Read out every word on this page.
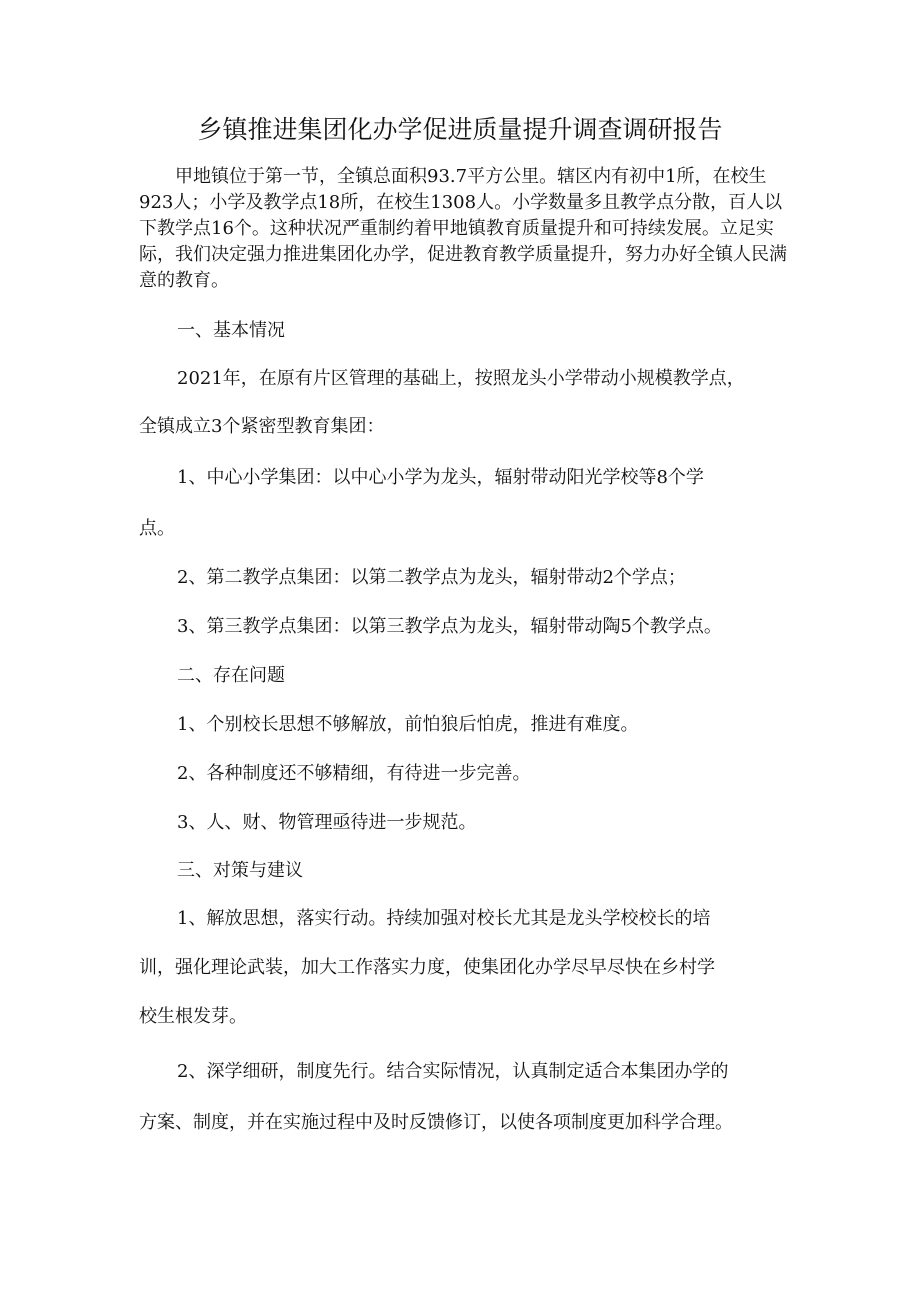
乡镇推进集团化办学促进质量提升调查调研报告

甲地镇位于第一节，全镇总面积93.7平方公里。辖区内有初中1所，在校生923人；小学及教学点18所，在校生1308人。小学数量多且教学点分散，百人以下教学点16个。这种状况严重制约着甲地镇教育质量提升和可持续发展。立足实际，我们决定强力推进集团化办学，促进教育教学质量提升，努力办好全镇人民满意的教育。

一、基本情况

2021年，在原有片区管理的基础上，按照龙头小学带动小规模教学点，

全镇成立3个紧密型教育集团：

1、中心小学集团：以中心小学为龙头，辐射带动阳光学校等8个学

点。

2、第二教学点集团：以第二教学点为龙头，辐射带动2个学点；

3、第三教学点集团：以第三教学点为龙头，辐射带动陶5个教学点。

二、存在问题

1、个别校长思想不够解放，前怕狼后怕虎，推进有难度。

2、各种制度还不够精细，有待进一步完善。

3、人、财、物管理亟待进一步规范。

三、对策与建议

1、解放思想，落实行动。持续加强对校长尤其是龙头学校校长的培

训，强化理论武装，加大工作落实力度，使集团化办学尽早尽快在乡村学

校生根发芽。

2、深学细研，制度先行。结合实际情况，认真制定适合本集团办学的

方案、制度，并在实施过程中及时反馈修订，以使各项制度更加科学合理。
